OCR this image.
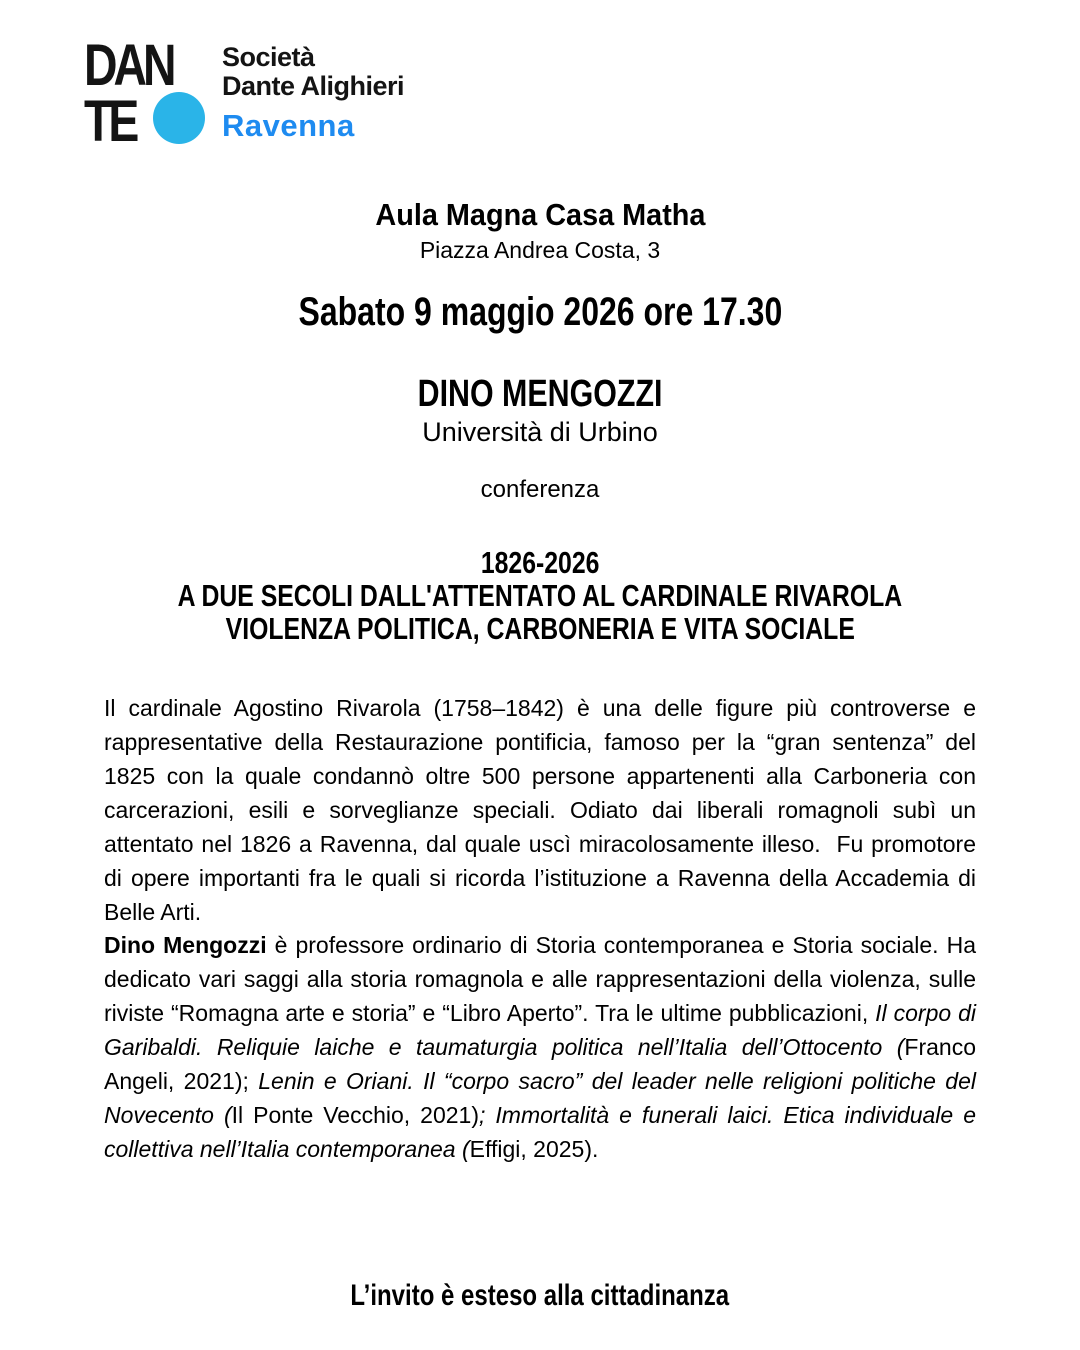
DAN
TE
Società
Dante Alighieri
Ravenna
Aula Magna Casa Matha
Piazza Andrea Costa, 3
Sabato 9 maggio 2026 ore 17.30
DINO MENGOZZI
Università di Urbino
conferenza
1826-2026
A DUE SECOLI DALL'ATTENTATO AL CARDINALE RIVAROLA
VIOLENZA POLITICA, CARBONERIA E VITA SOCIALE
Il cardinale Agostino Rivarola (1758–1842) è una delle figure più controverse e rappresentative della Restaurazione pontificia, famoso per la “gran sentenza” del 1825 con la quale condannò oltre 500 persone appartenenti alla Carboneria con carcerazioni, esili e sorveglianze speciali. Odiato dai liberali romagnoli subì un attentato nel 1826 a Ravenna, dal quale uscì miracolosamente illeso.  Fu promotore di opere importanti fra le quali si ricorda l’istituzione a Ravenna della Accademia di Belle Arti.
Dino Mengozzi è professore ordinario di Storia contemporanea e Storia sociale. Ha dedicato vari saggi alla storia romagnola e alle rappresentazioni della violenza, sulle riviste “Romagna arte e storia” e “Libro Aperto”. Tra le ultime pubblicazioni, Il corpo di Garibaldi. Reliquie laiche e taumaturgia politica nell’Italia dell’Ottocento (Franco Angeli, 2021); Lenin e Oriani. Il “corpo sacro” del leader nelle religioni politiche del Novecento (Il Ponte Vecchio, 2021); Immortalità e funerali laici. Etica individuale e collettiva nell’Italia contemporanea (Effigi, 2025).
L’invito è esteso alla cittadinanza
